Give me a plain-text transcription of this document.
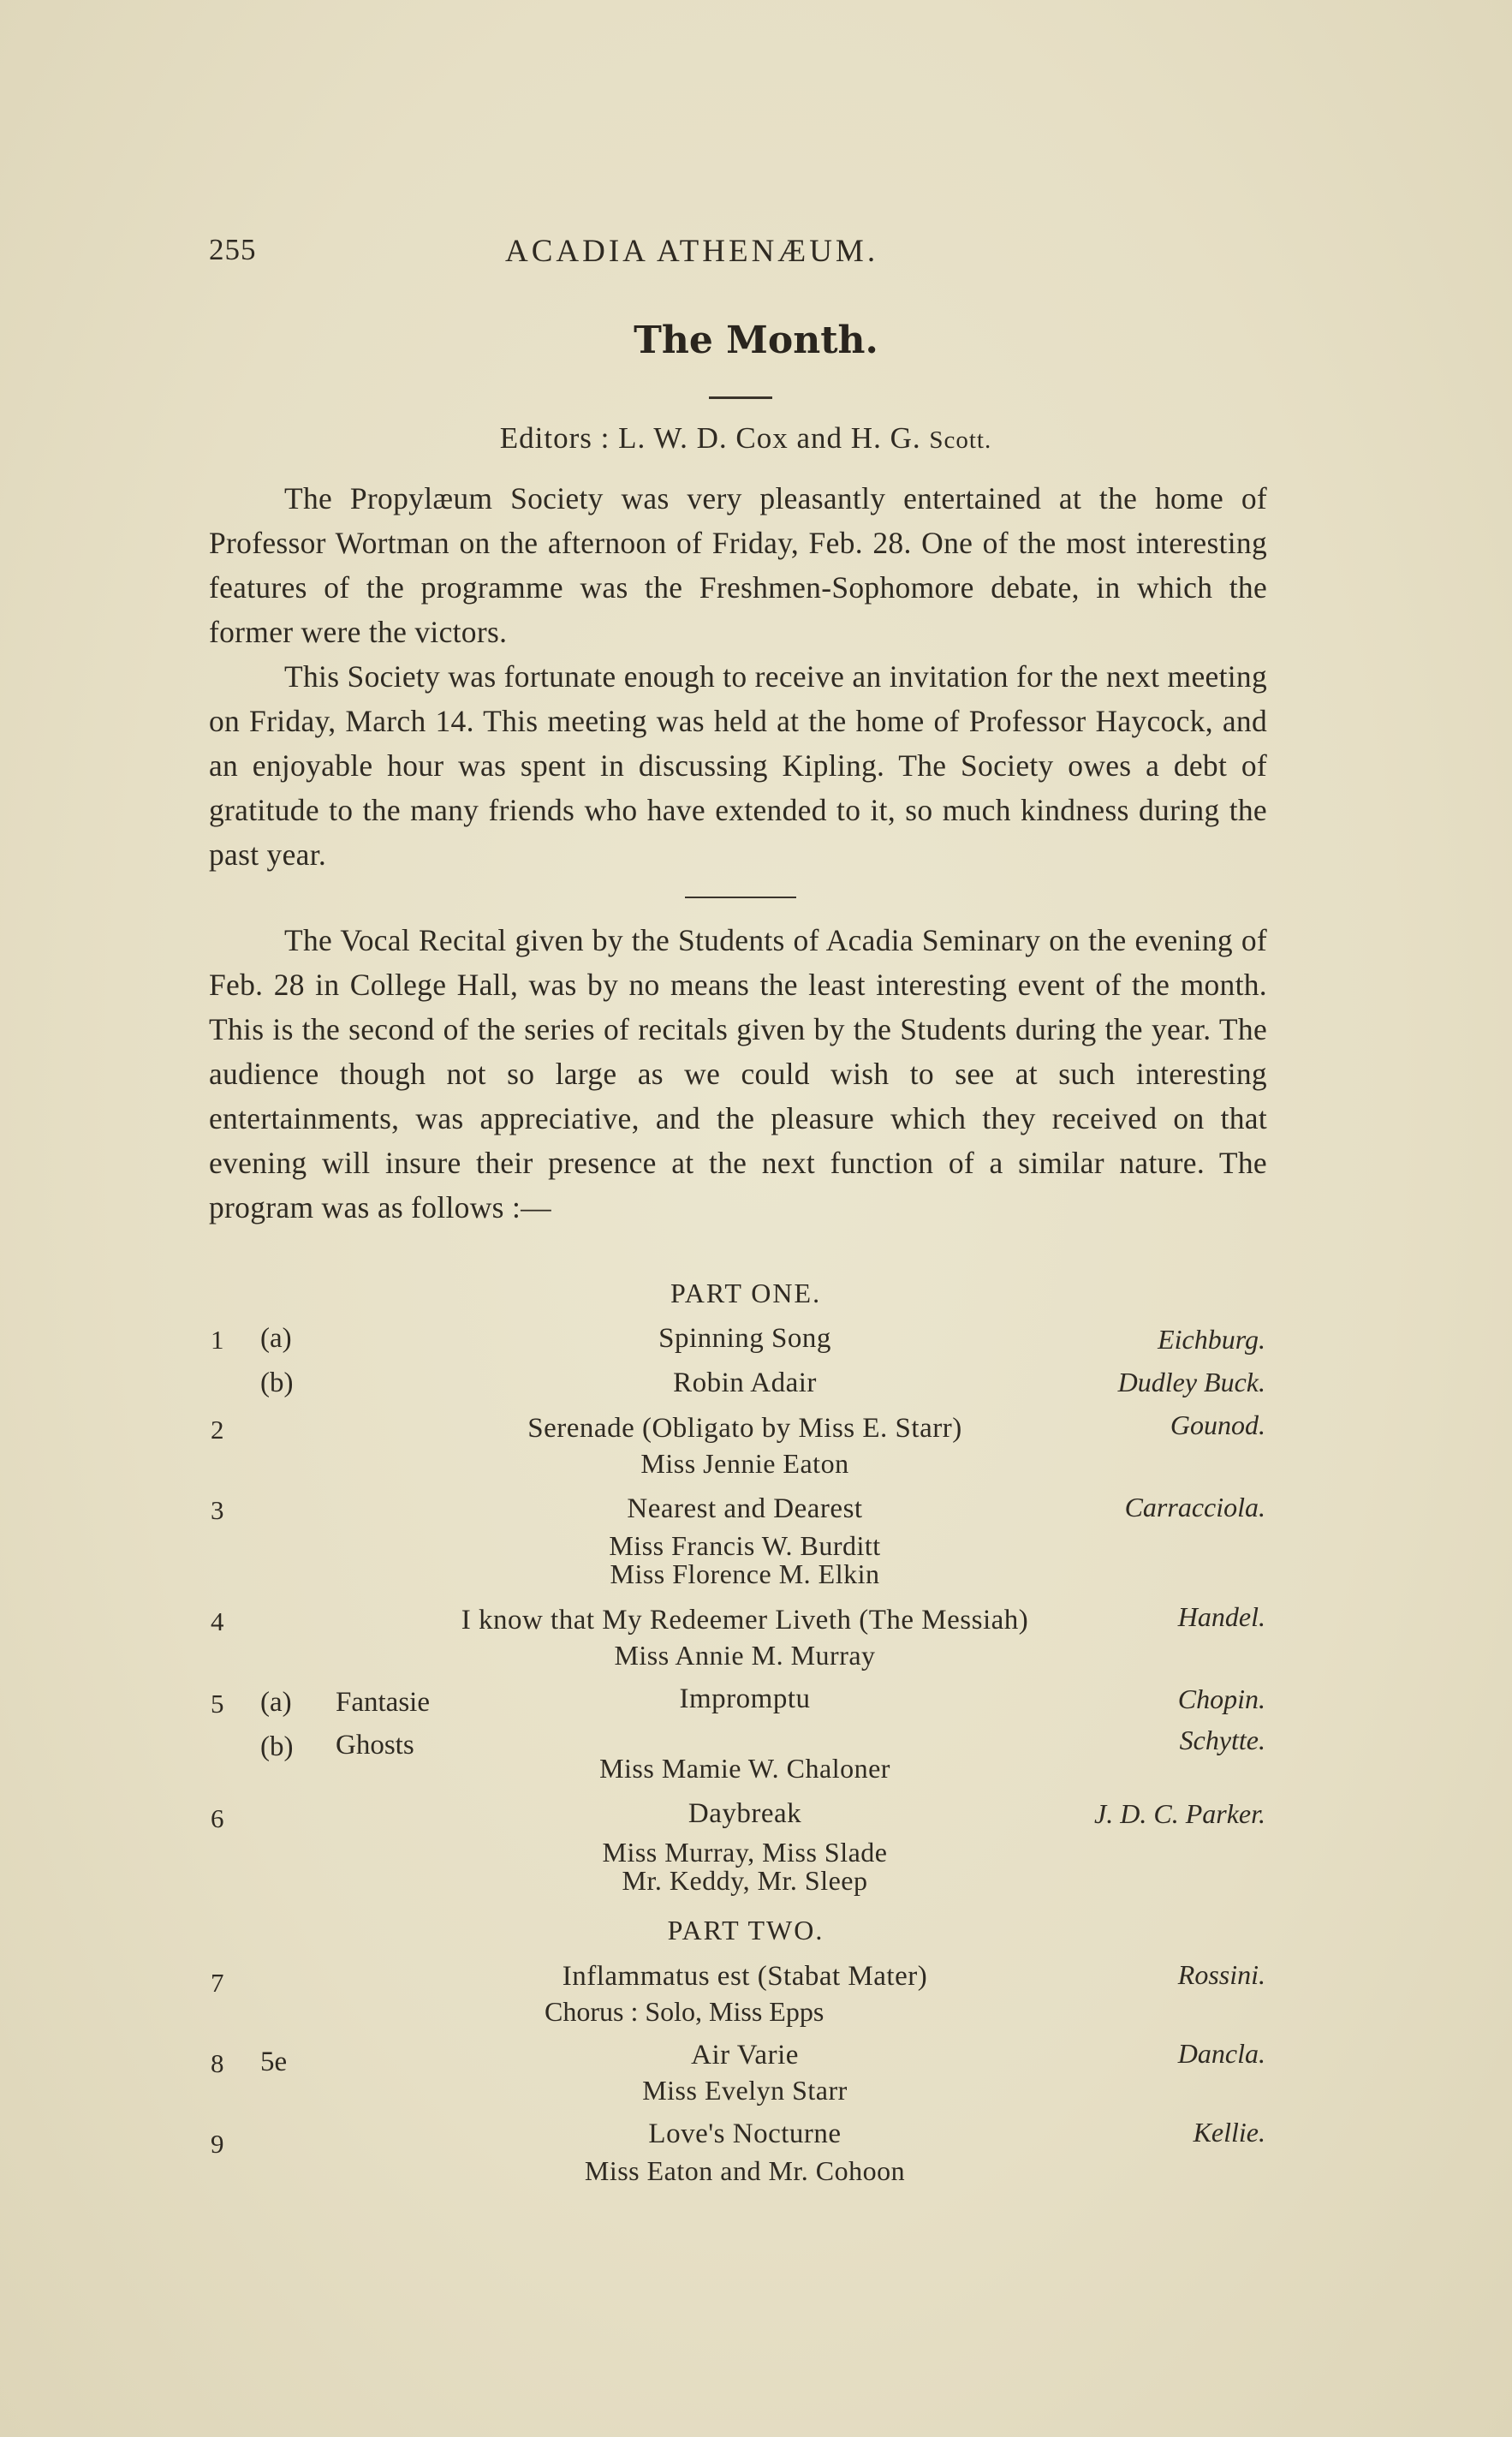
255	ACADIA ATHENÆUM.
The Month.
Editors : L. W. D. Cox and H. G. Scott.

The Propylæum Society was very pleasantly entertained at the home of Professor Wortman on the afternoon of Friday, Feb. 28. One of the most interesting features of the programme was the Freshmen-Sophomore debate, in which the former were the victors.

This Society was fortunate enough to receive an invitation for the next meeting on Friday, March 14. This meeting was held at the home of Professor Haycock, and an enjoyable hour was spent in discussing Kipling. The Society owes a debt of gratitude to the many friends who have extended to it, so much kindness during the past year.

The Vocal Recital given by the Students of Acadia Seminary on the evening of Feb. 28 in College Hall, was by no means the least interesting event of the month. This is the second of the series of recitals given by the Students during the year. The audience though not so large as we could wish to see at such interesting entertainments, was appreciative, and the pleasure which they received on that evening will insure their presence at the next function of a similar nature. The program was as follows :—

PART ONE.
1 (a)	Spinning Song	Eichburg.
(b)	Robin Adair	Dudley Buck.
2	Serenade (Obligato by Miss E. Starr)	Gounod.
Miss Jennie Eaton
3	Nearest and Dearest	Carracciola.
Miss Francis W. Burditt
Miss Florence M. Elkin
4	I know that My Redeemer Liveth (The Messiah)	Handel.
Miss Annie M. Murray
5 (a) Fantasie	Impromptu	Chopin.
(b) Ghosts	Schytte.
Miss Mamie W. Chaloner
6	Daybreak	J. D. C. Parker.
Miss Murray, Miss Slade
Mr. Keddy, Mr. Sleep
PART TWO.
7	Inflammatus est (Stabat Mater)	Rossini.
Chorus : Solo, Miss Epps
8 5e	Air Varie	Dancla.
Miss Evelyn Starr
9	Love's Nocturne	Kellie.
Miss Eaton and Mr. Cohoon
